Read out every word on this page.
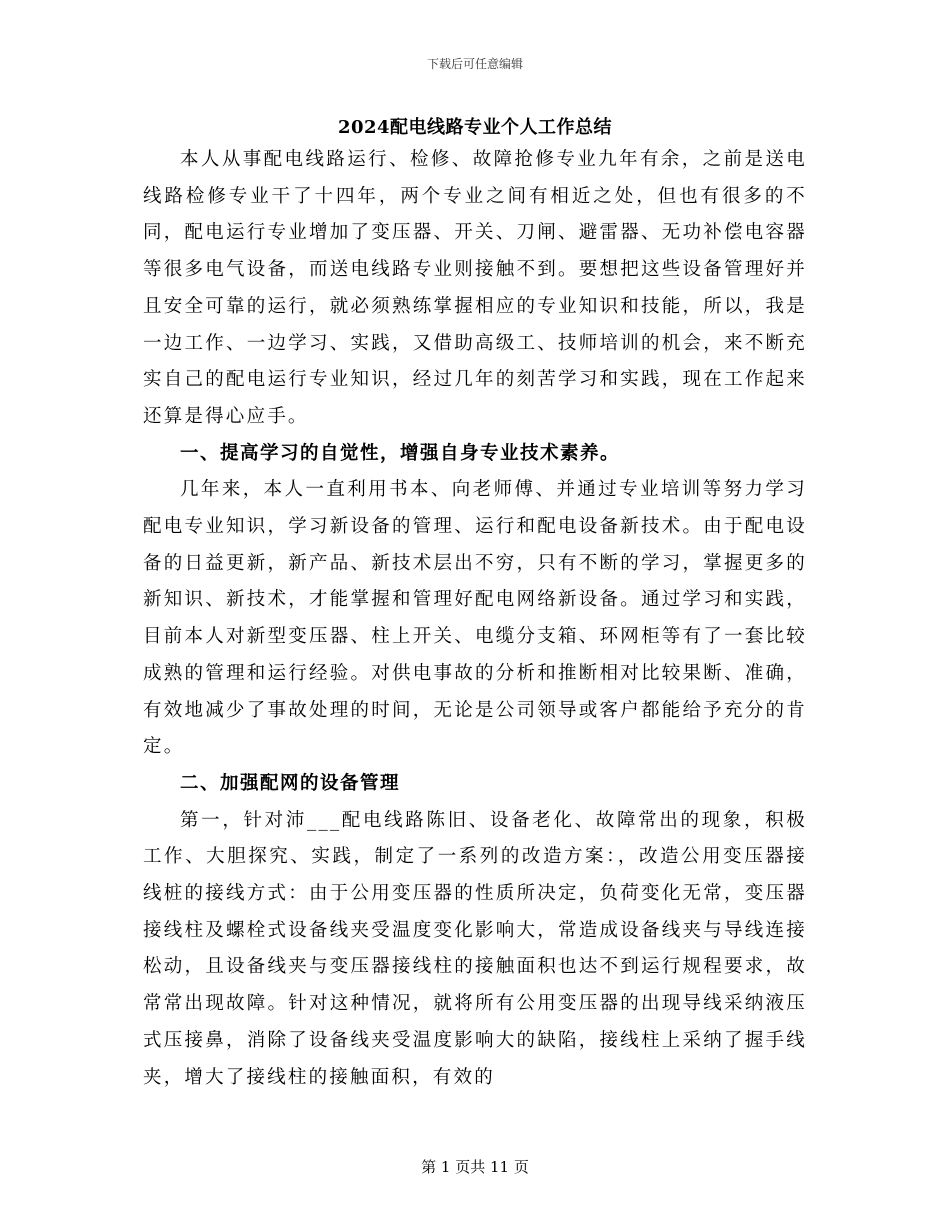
下载后可任意编辑
2024配电线路专业个人工作总结

本人从事配电线路运行、检修、故障抢修专业九年有余，之前是送电线路检修专业干了十四年，两个专业之间有相近之处，但也有很多的不同，配电运行专业增加了变压器、开关、刀闸、避雷器、无功补偿电容器等很多电气设备，而送电线路专业则接触不到。要想把这些设备管理好并且安全可靠的运行，就必须熟练掌握相应的专业知识和技能，所以，我是一边工作、一边学习、实践，又借助高级工、技师培训的机会，来不断充实自己的配电运行专业知识，经过几年的刻苦学习和实践，现在工作起来还算是得心应手。

一、提高学习的自觉性，增强自身专业技术素养。

几年来，本人一直利用书本、向老师傅、并通过专业培训等努力学习配电专业知识，学习新设备的管理、运行和配电设备新技术。由于配电设备的日益更新，新产品、新技术层出不穷，只有不断的学习，掌握更多的新知识、新技术，才能掌握和管理好配电网络新设备。通过学习和实践，目前本人对新型变压器、柱上开关、电缆分支箱、环网柜等有了一套比较成熟的管理和运行经验。对供电事故的分析和推断相对比较果断、准确，有效地减少了事故处理的时间，无论是公司领导或客户都能给予充分的肯定。

二、加强配网的设备管理

第一，针对沛___配电线路陈旧、设备老化、故障常出的现象，积极工作、大胆探究、实践，制定了一系列的改造方案：，改造公用变压器接线桩的接线方式：由于公用变压器的性质所决定，负荷变化无常，变压器接线柱及螺栓式设备线夹受温度变化影响大，常造成设备线夹与导线连接松动，且设备线夹与变压器接线柱的接触面积也达不到运行规程要求，故常常出现故障。针对这种情况，就将所有公用变压器的出现导线采纳液压式压接鼻，消除了设备线夹受温度影响大的缺陷，接线柱上采纳了握手线夹，增大了接线柱的接触面积，有效的

第 1 页共 11 页
